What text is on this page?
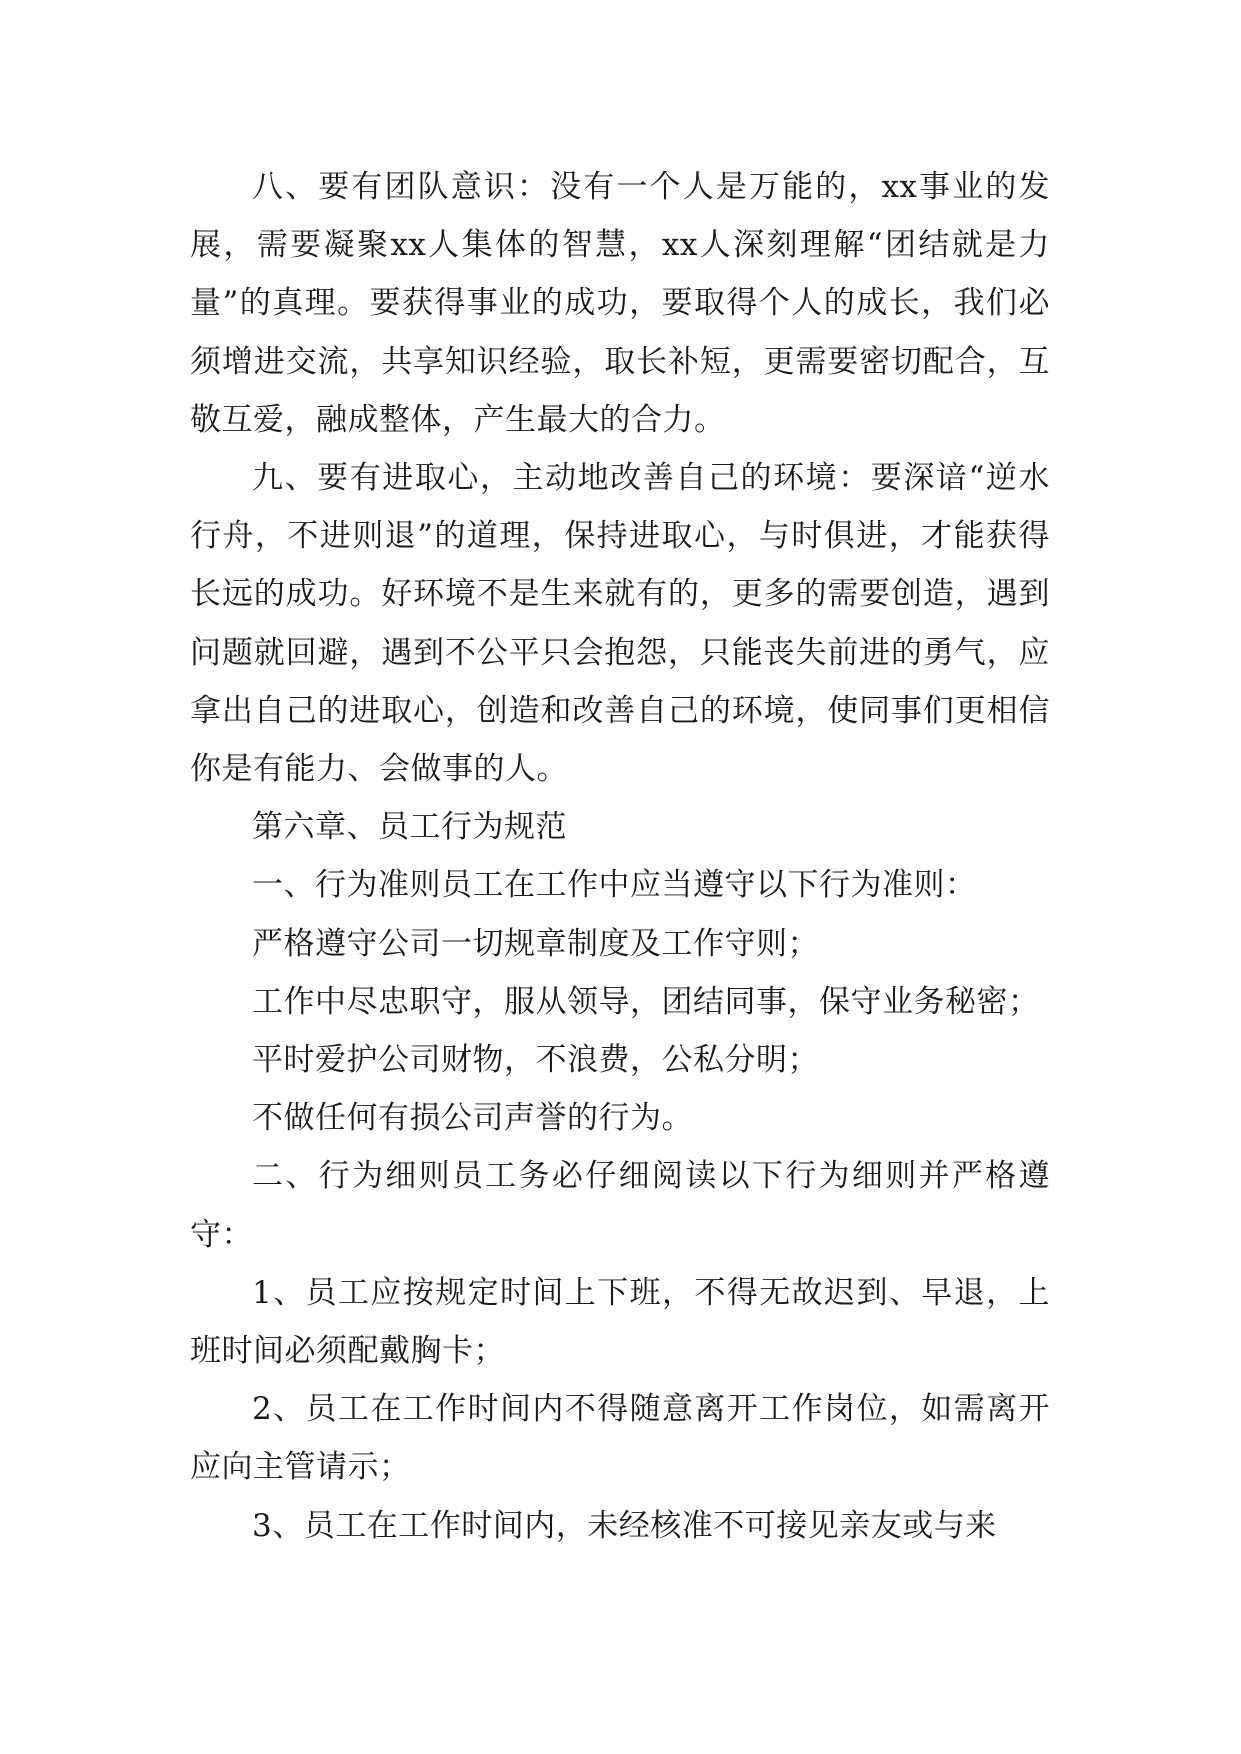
八、要有团队意识：没有一个人是万能的，xx事业的发展，需要凝聚xx人集体的智慧，xx人深刻理解“团结就是力量”的真理。要获得事业的成功，要取得个人的成长，我们必须增进交流，共享知识经验，取长补短，更需要密切配合，互敬互爱，融成整体，产生最大的合力。

九、要有进取心，主动地改善自己的环境：要深谙“逆水行舟，不进则退”的道理，保持进取心，与时俱进，才能获得长远的成功。好环境不是生来就有的，更多的需要创造，遇到问题就回避，遇到不公平只会抱怨，只能丧失前进的勇气，应拿出自己的进取心，创造和改善自己的环境，使同事们更相信你是有能力、会做事的人。

第六章、员工行为规范

一、行为准则员工在工作中应当遵守以下行为准则：

严格遵守公司一切规章制度及工作守则；

工作中尽忠职守，服从领导，团结同事，保守业务秘密；

平时爱护公司财物，不浪费，公私分明；

不做任何有损公司声誉的行为。

二、行为细则员工务必仔细阅读以下行为细则并严格遵守：

1、员工应按规定时间上下班，不得无故迟到、早退，上班时间必须配戴胸卡；

2、员工在工作时间内不得随意离开工作岗位，如需离开应向主管请示；

3、员工在工作时间内，未经核准不可接见亲友或与来
